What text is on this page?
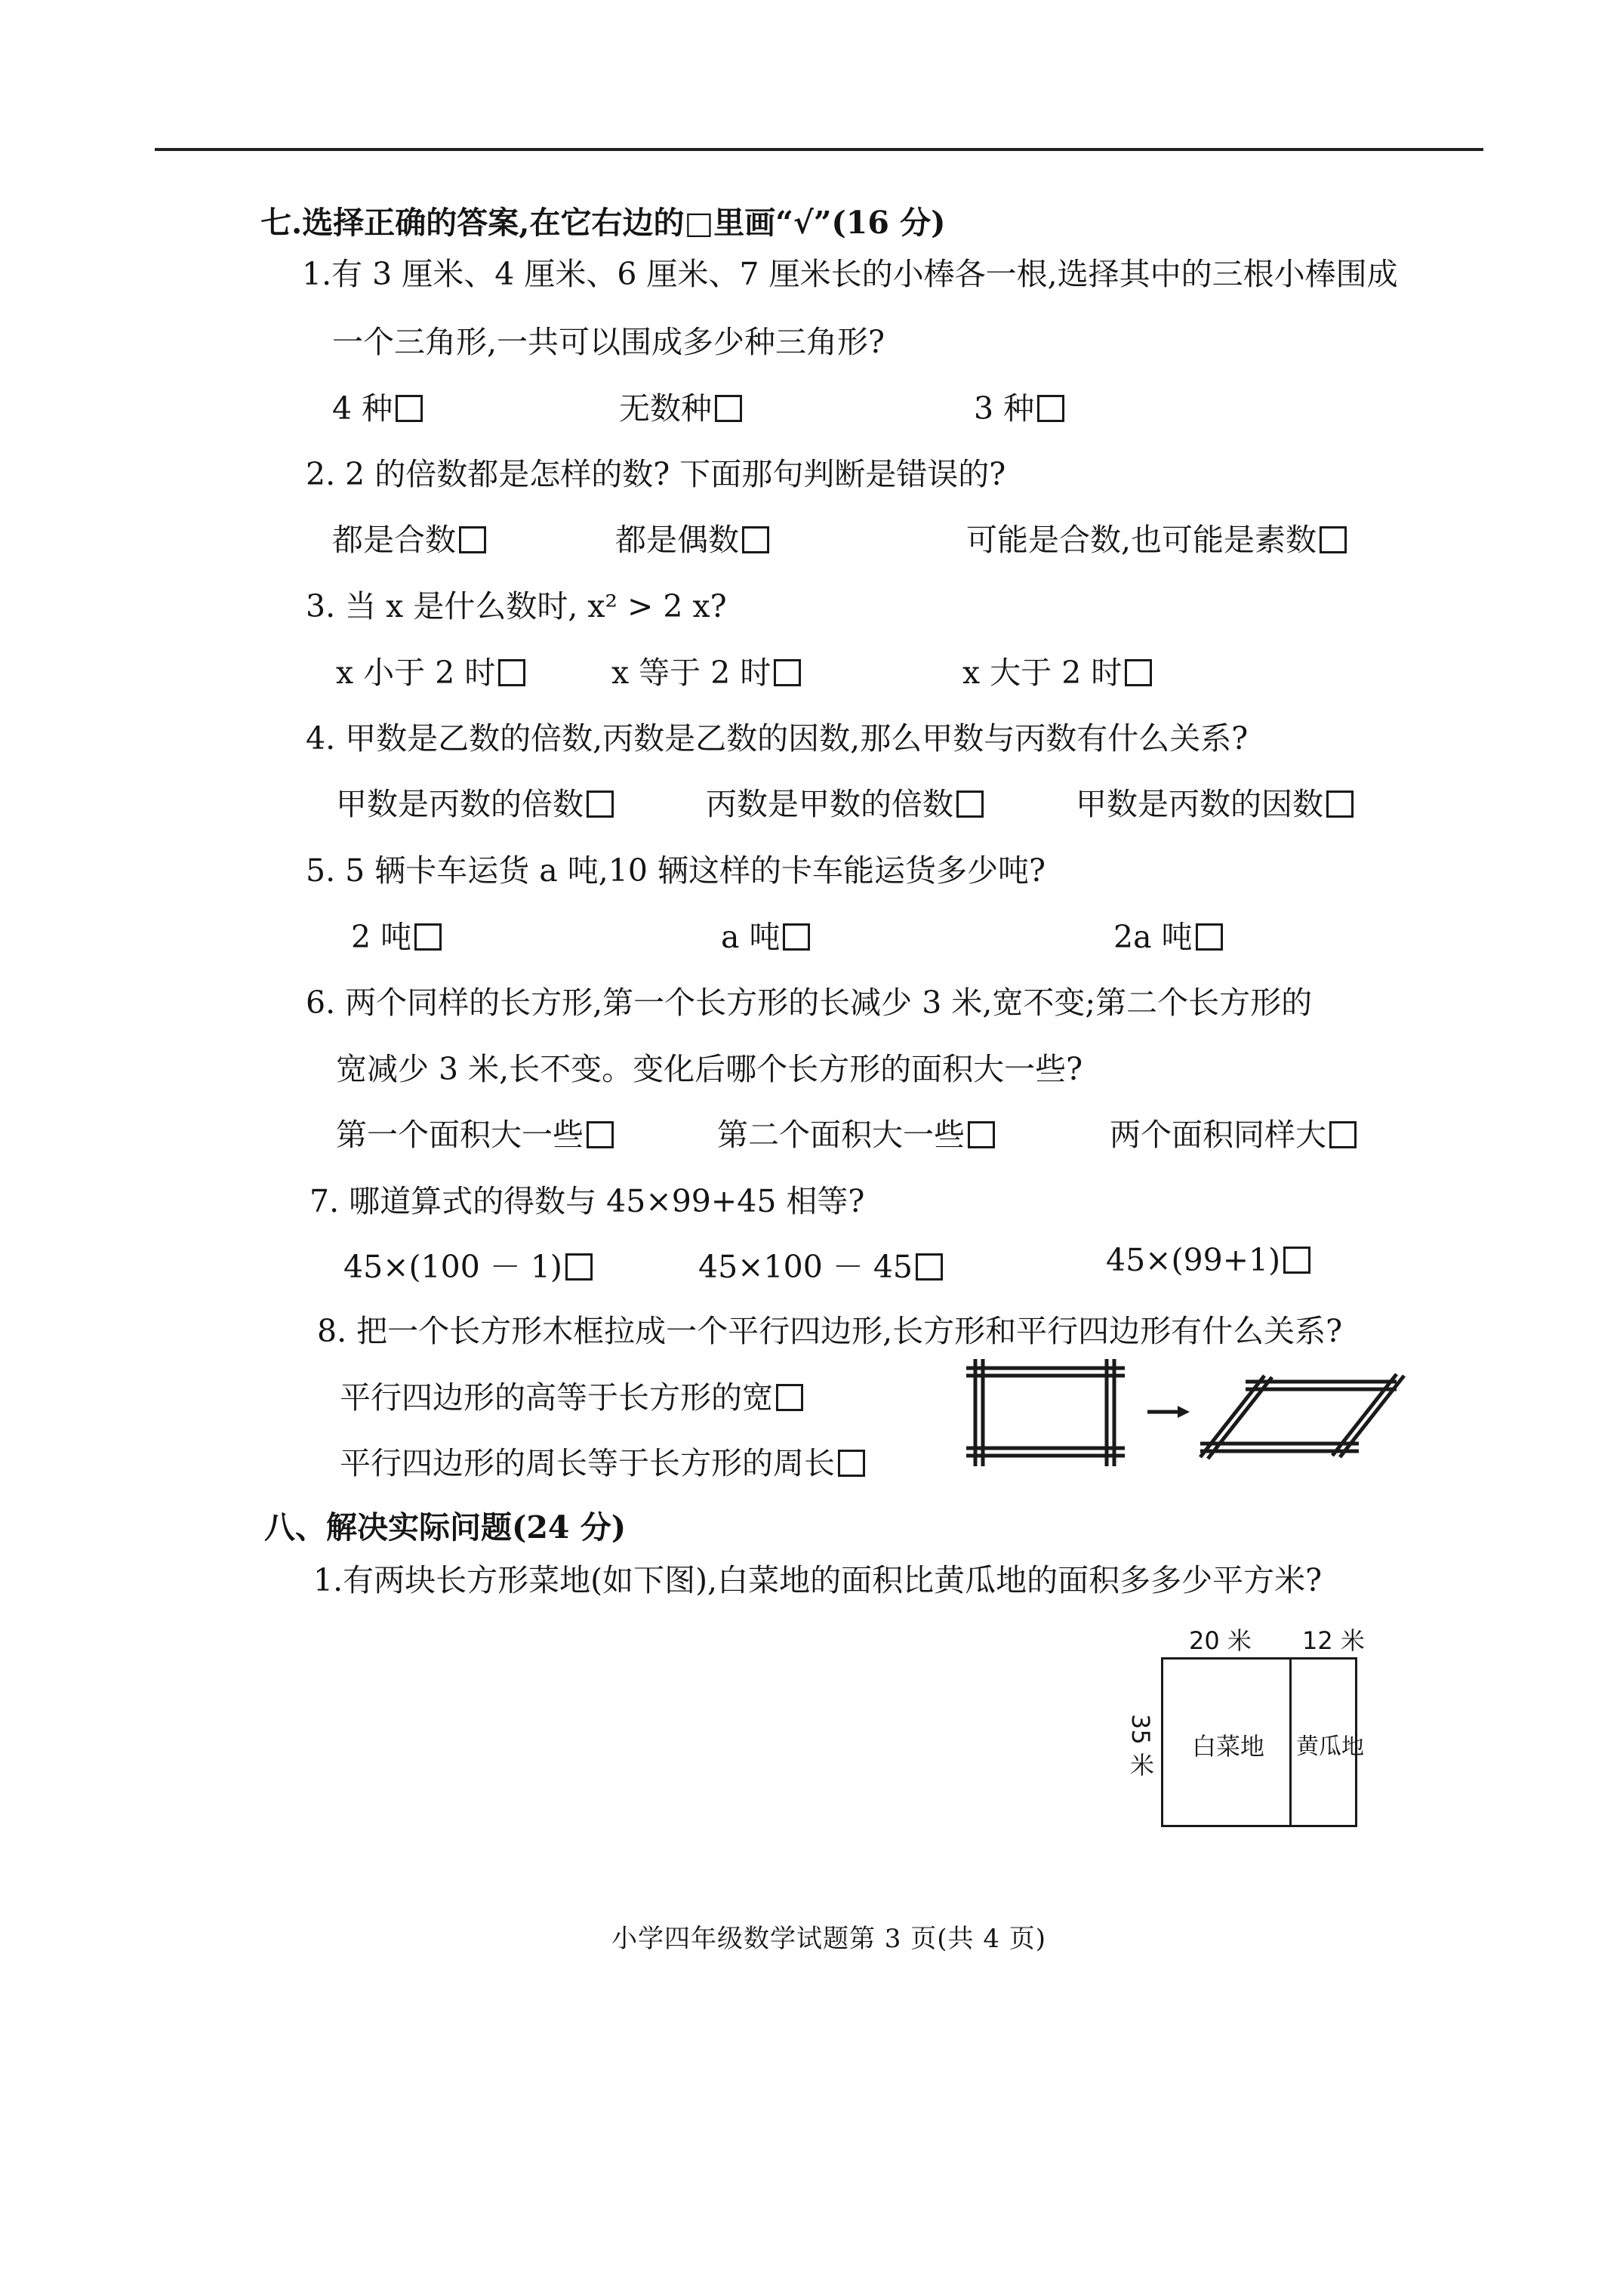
七.选择正确的答案,在它右边的□里画“√”(16 分)
1.有 3 厘米、4 厘米、6 厘米、7 厘米长的小棒各一根,选择其中的三根小棒围成
一个三角形,一共可以围成多少种三角形?
4 种	无数种	3 种
2. 2 的倍数都是怎样的数? 下面那句判断是错误的?
都是合数	都是偶数	可能是合数,也可能是素数
3. 当 x 是什么数时, x² > 2 x?
x 小于 2 时	x 等于 2 时	x 大于 2 时
4. 甲数是乙数的倍数,丙数是乙数的因数,那么甲数与丙数有什么关系?
甲数是丙数的倍数	丙数是甲数的倍数	甲数是丙数的因数
5. 5 辆卡车运货 a 吨,10 辆这样的卡车能运货多少吨?
2 吨	a 吨	2a 吨
6. 两个同样的长方形,第一个长方形的长减少 3 米,宽不变;第二个长方形的
宽减少 3 米,长不变。变化后哪个长方形的面积大一些?
第一个面积大一些	第二个面积大一些	两个面积同样大
7. 哪道算式的得数与 45×99+45 相等?
45×(100 － 1)	45×100 － 45	45×(99+1)
8. 把一个长方形木框拉成一个平行四边形,长方形和平行四边形有什么关系?
平行四边形的高等于长方形的宽
平行四边形的周长等于长方形的周长
八、解决实际问题(24 分)
1.有两块长方形菜地(如下图),白菜地的面积比黄瓜地的面积多多少平方米?
20 米 12 米
35 米 白菜地 黄瓜地
小学四年级数学试题第 3 页(共 4 页)
